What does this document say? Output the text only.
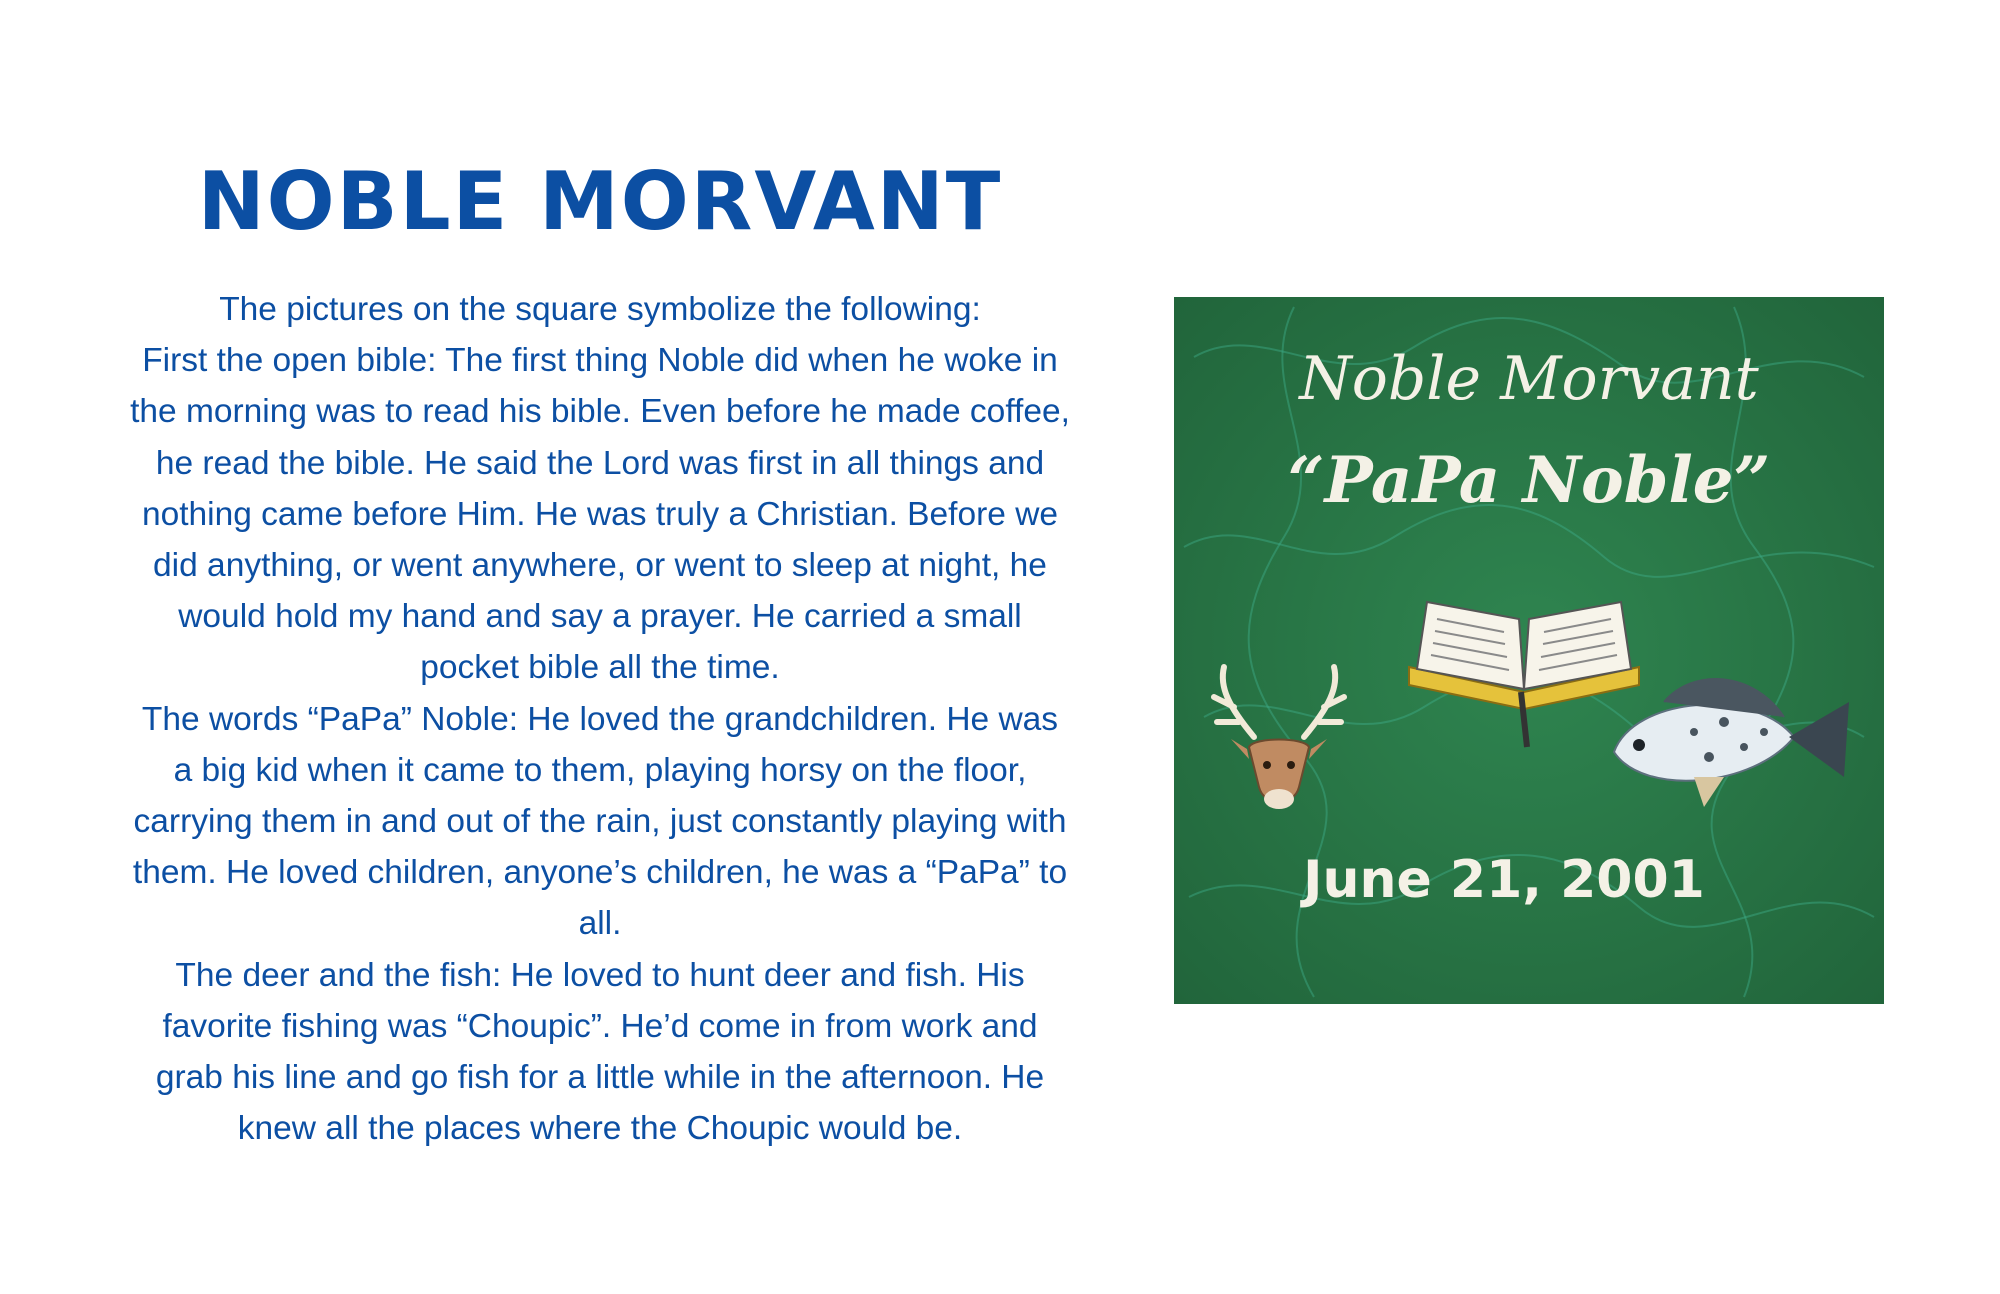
NOBLE MORVANT

The pictures on the square symbolize the following:

First the open bible: The first thing Noble did when he woke in the morning was to read his bible. Even before he made coffee, he read the bible. He said the Lord was first in all things and nothing came before Him. He was truly a Christian. Before we did anything, or went anywhere, or went to sleep at night, he would hold my hand and say a prayer. He carried a small pocket bible all the time.

The words “PaPa” Noble: He loved the grandchildren. He was a big kid when it came to them, playing horsy on the floor, carrying them in and out of the rain, just constantly playing with them. He loved children, anyone’s children, he was a “PaPa” to all.

The deer and the fish: He loved to hunt deer and fish. His favorite fishing was “Choupic”. He’d come in from work and grab his line and go fish for a little while in the afternoon. He knew all the places where the Choupic would be.

Noble Morvant
“PaPa Noble”
June 21, 2001
